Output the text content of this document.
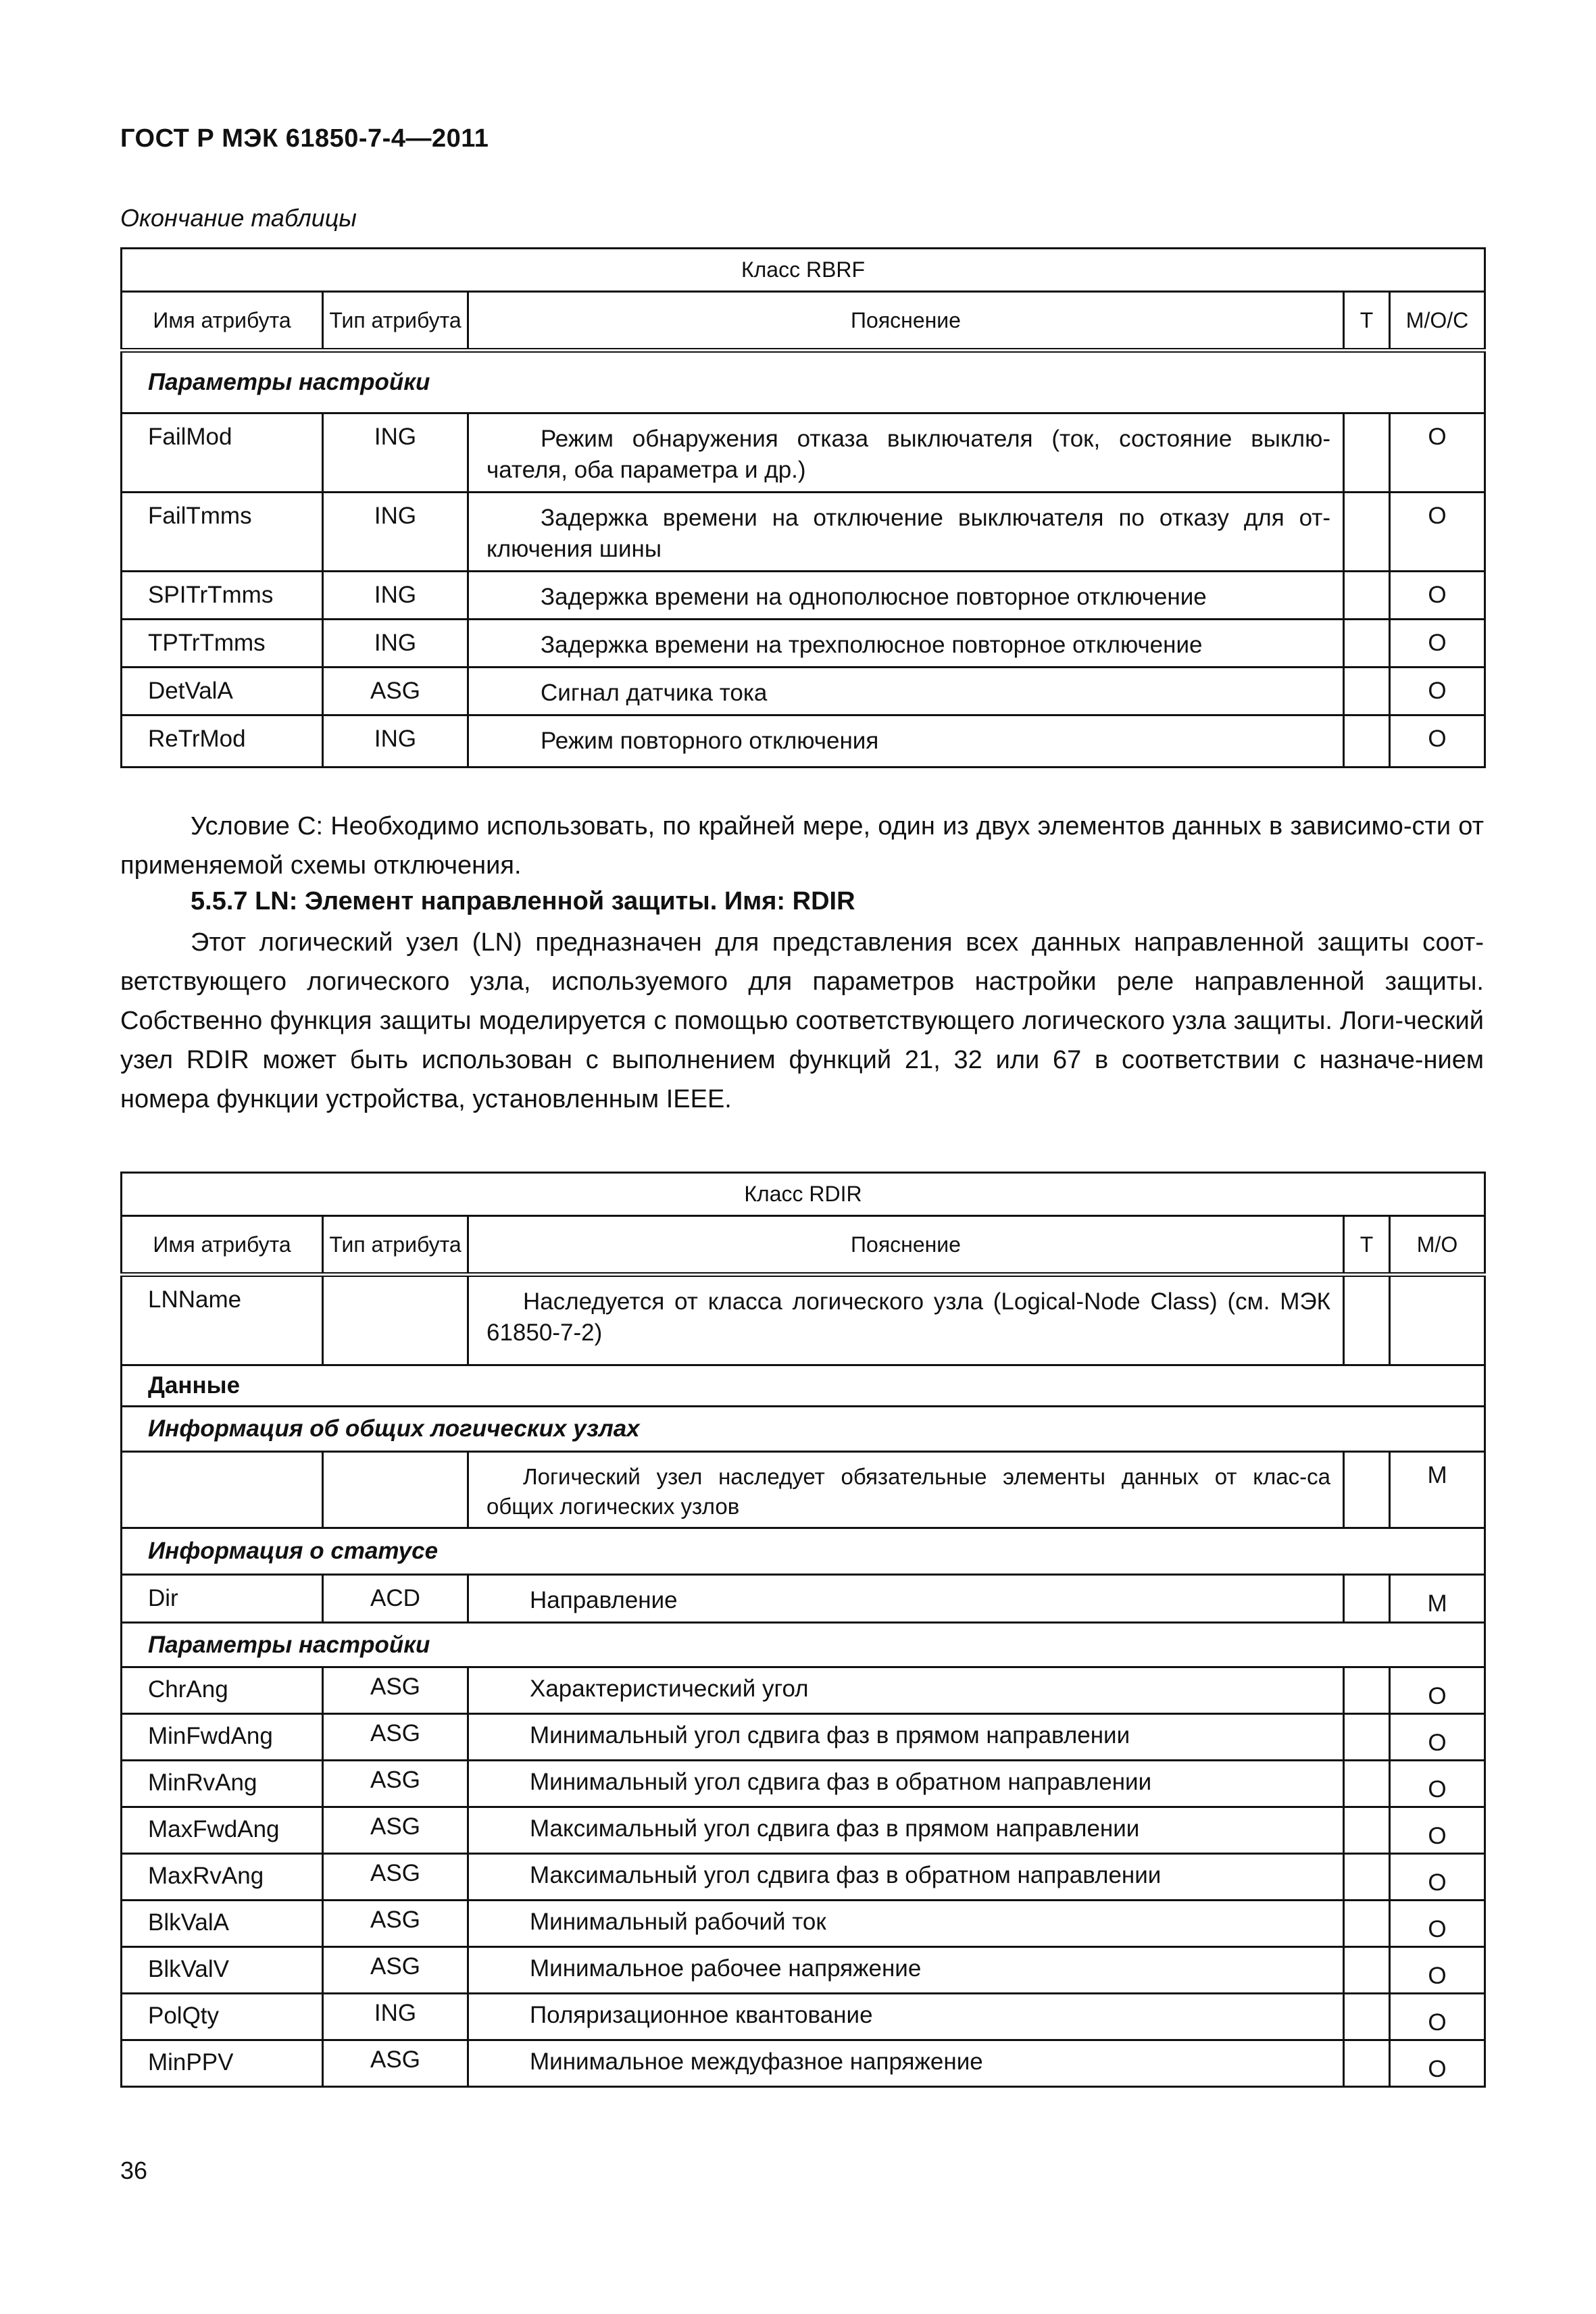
ГОСТ Р МЭК 61850-7-4—2011
Окончание таблицы
Класс RBRF				
Имя атрибута	Тип атрибута	Пояснение	T	M/O/C
Параметры настройки				
FailMod	ING	Режим обнаружения отказа выключателя (ток, состояние выклю-чателя, оба параметра и др.)		O
FailTmms	ING	Задержка времени на отключение выключателя по отказу для от-ключения шины		O
SPITrTmms	ING	Задержка времени на однополюсное повторное отключение		O
TPTrTmms	ING	Задержка времени на трехполюсное повторное отключение		O
DetValA	ASG	Сигнал датчика тока		O
ReTrMod	ING	Режим повторного отключения		O
Условие С: Необходимо использовать, по крайней мере, один из двух элементов данных в зависимо-сти от применяемой схемы отключения.
5.5.7 LN: Элемент направленной защиты. Имя: RDIR
Этот логический узел (LN) предназначен для представления всех данных направленной защиты соот-ветствующего логического узла, используемого для параметров настройки реле направленной защиты. Собственно функция защиты моделируется с помощью соответствующего логического узла защиты. Логи-ческий узел RDIR может быть использован с выполнением функций 21, 32 или 67 в соответствии с назначе-нием номера функции устройства, установленным IEEE.
Класс RDIR				
Имя атрибута	Тип атрибута	Пояснение	T	M/O
LNName		Наследуется от класса логического узла (Logical-Node Class) (см. МЭК 61850-7-2)		
Данные				
Информация об общих логических узлах				
		Логический узел наследует обязательные элементы данных от клас-са общих логических узлов		M
Информация о статусе				
Dir	ACD	Направление		M
Параметры настройки				
ChrAng	ASG	Характеристический угол		O
MinFwdAng	ASG	Минимальный угол сдвига фаз в прямом направлении		O
MinRvAng	ASG	Минимальный угол сдвига фаз в обратном направлении		O
MaxFwdAng	ASG	Максимальный угол сдвига фаз в прямом направлении		O
MaxRvAng	ASG	Максимальный угол сдвига фаз в обратном направлении		O
BlkValA	ASG	Минимальный рабочий ток		O
BlkValV	ASG	Минимальное рабочее напряжение		O
PolQty	ING	Поляризационное квантование		O
MinPPV	ASG	Минимальное междуфазное напряжение		O
36
